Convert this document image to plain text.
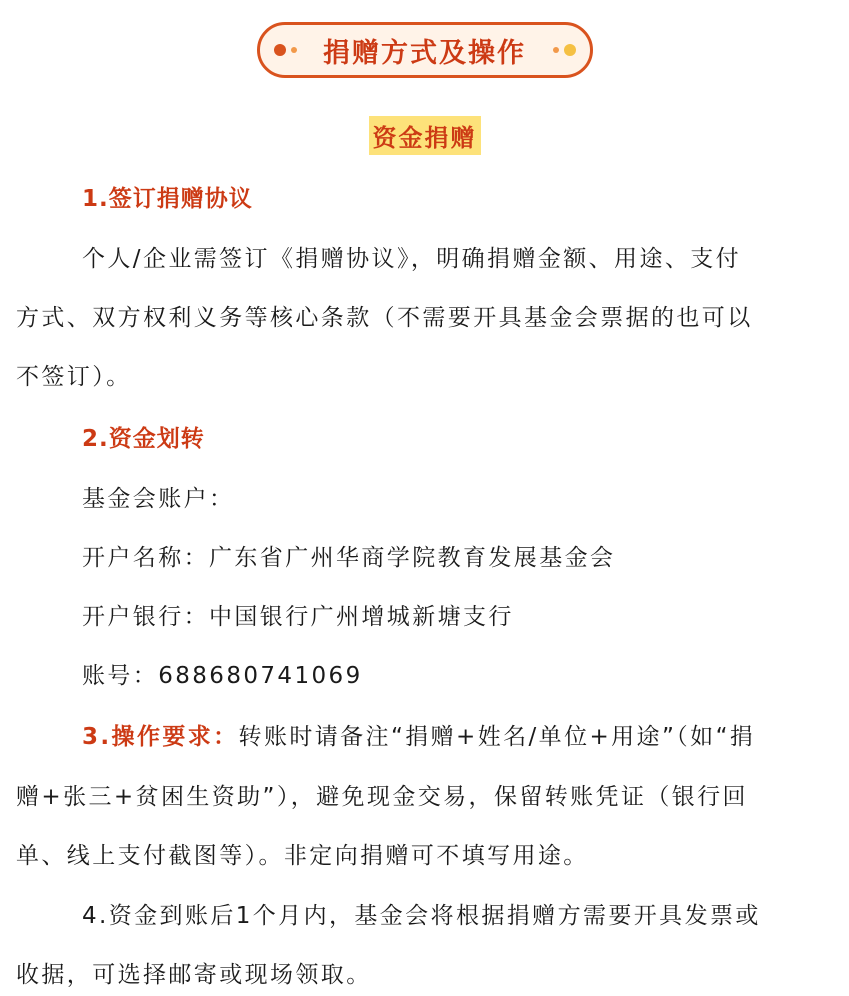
捐赠方式及操作
资金捐赠
1.签订捐赠协议
个人/企业需签订《捐赠协议》，明确捐赠金额、用途、支付
方式、双方权利义务等核心条款（不需要开具基金会票据的也可以
不签订）。
2.资金划转
基金会账户：
开户名称：广东省广州华商学院教育发展基金会
开户银行：中国银行广州增城新塘支行
账号：688680741069
3.操作要求：转账时请备注“捐赠+姓名/单位+用途”（如“捐
赠+张三+贫困生资助”），避免现金交易，保留转账凭证（银行回
单、线上支付截图等）。非定向捐赠可不填写用途。
4.资金到账后1个月内，基金会将根据捐赠方需要开具发票或
收据，可选择邮寄或现场领取。
